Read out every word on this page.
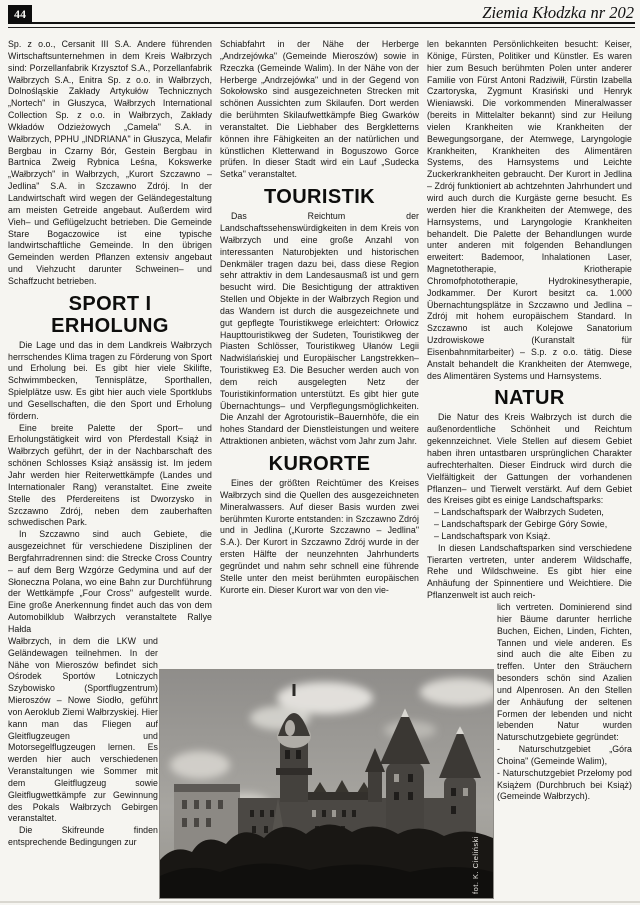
44	Ziemia Kłodzka nr 202

Sp. z o.o., Cersanit III S.A. Andere führenden Wirtschaftsunternehmen in dem Kreis Wałbrzych sind: Porzellanfabrik Krzysztof S.A., Porzellanfabrik Wałbrzych S.A., Enitra Sp. z o.o. in Wałbrzych, Dolnośląskie Zakłady Artykułów Technicznych „Nortech" in Głuszyca, Wałbrzych International Collection Sp. z o.o. in Wałbrzych, Zakłady Wkładów Odzieżowych „Camela" S.A. in Wałbrzych, PPHU „INDRIANA" in Głuszyca, Melafir Bergbau in Czarny Bór, Gestein Bergbau in Bartnica Zweig Rybnica Leśna, Kokswerke „Wałbrzych" in Wałbrzych, „Kurort Szczawno – Jedlina" S.A. in Szczawno Zdrój. In der Landwirtschaft wird wegen der Geländegestaltung am meisten Getreide angebaut. Außerdem wird Vieh– und Geflügelzucht betrieben. Die Gemeinde Stare Bogaczowice ist eine typische landwirtschaftliche Gemeinde. In den übrigen Gemeinden werden Pflanzen extensiv angebaut und Viehzucht darunter Schweinen– und Schaffzucht betrieben.

SPORT I ERHOLUNG

Die Lage und das in dem Landkreis Wałbrzych herrschendes Klima tragen zu Förderung von Sport und Erholung bei. Es gibt hier viele Skilifte, Schwimmbecken, Tennisplätze, Sporthallen, Spielplätze usw. Es gibt hier auch viele Sportklubs und Gesellschaften, die den Sport und Erholung fördern.

Eine breite Palette der Sport– und Erholungstätigkeit wird von Pferdestall Książ in Wałbrzych geführt, der in der Nachbarschaft des schönen Schlosses Książ ansässig ist. Im jedem Jahr werden hier Reiterwettkämpfe (Landes und Internationaler Rang) veranstaltet. Eine zweite Stelle des Pferdereitens ist Dworzysko in Szczawno Zdrój, neben dem zauberhaften schwedischen Park.

In Szczawno sind auch Gebiete, die ausgezeichnet für verschiedene Disziplinen der Bergfahrradrennen sind: die Strecke Cross Country – auf dem Berg Wzgórze Gedymina und auf der Słoneczna Polana, wo eine Bahn zur Durchführung der Wettkämpfe „Four Cross" aufgestellt wurde. Eine große Anerkennung findet auch das von dem Automobilklub Wałbrzych veranstaltete Rallye Hałda

Wałbrzych, in dem die LKW und Geländewagen teilnehmen. In der Nähe von Mieroszów befindet sich Ośrodek Sportów Lotniczych Szybowisko (Sportflugzentrum) Mieroszów – Nowe Siodło, geführt von Aeroklub Ziemi Wałbrzyskiej. Hier kann man das Fliegen auf Gleitflugzeugen und Motorsegelflugzeugen lernen. Es werden hier auch verschiedenen Veranstaltungen wie Sommer mit dem Gleitflugzeug sowie Gleitflugwettkämpfe zur Gewinnung des Pokals Wałbrzych Gebirgen veranstaltet.

Die Skifreunde finden entsprechende Bedingungen zur

Schiabfahrt in der Nähe der Herberge „Andrzejówka" (Gemeinde Mieroszów) sowie in Rzeczka (Gemeinde Walim). In der Nähe von der Herberge „Andrzejówka" und in der Gegend von Sokołowsko sind ausgezeichneten Strecken mit schönen Aussichten zum Skilaufen. Dort werden die berühmten Skilaufwettkämpfe Bieg Gwarków veranstaltet. Die Liebhaber des Bergkletterns können ihre Fähigkeiten an der natürlichen und künstlichen Kletterwand in Boguszowo Gorce prüfen. In dieser Stadt wird ein Lauf „Sudecka Setka" veranstaltet.

TOURISTIK

Das Reichtum der Landschaftssehenswürdigkeiten in dem Kreis von Wałbrzych und eine große Anzahl von interessanten Naturobjekten und historischen Denkmäler tragen dazu bei, dass diese Region sehr attraktiv in dem Landesausmaß ist und gern besucht wird. Die Besichtigung der attraktiven Stellen und Objekte in der Wałbrzych Region und das Wandern ist durch die ausgezeichnete und gut gepflegte Touristikwege erleichtert: Orłowicz Haupttouristikweg der Sudeten, Touristikweg der Piasten Schlösser, Touristikweg Ułanów Legii Nadwiślańskiej und Europäischer Langstrekken– Touristikweg E3. Die Besucher werden auch von dem reich ausgelegten Netz der Touristikinformation unterstützt. Es gibt hier gute Übernachtungs– und Verpflegungsmöglichkeiten. Die Anzahl der Agrotouristik–Bauernhöfe, die ein hohes Standard der Dienstleistungen und weitere Attraktionen anbieten, wächst vom Jahr zum Jahr.

KURORTE

Eines der größten Reichtümer des Kreises Wałbrzych sind die Quellen des ausgezeichneten Mineralwassers. Auf dieser Basis wurden zwei berühmten Kurorte entstanden: in Szczawno Zdrój und in Jedlina („Kurorte Szczawno – Jedlina" S.A.). Der Kurort in Szczawno Zdrój wurde in der ersten Hälfte der neunzehnten Jahrhunderts gegründet und nahm sehr schnell eine führende Stelle unter den meist berühmten europäischen Kurorte ein. Dieser Kurort war von den vie-

len bekannten Persönlichkeiten besucht: Keiser, Könige, Fürsten, Politiker und Künstler. Es waren hier zum Besuch berühmten Polen unter anderer Familie von Fürst Antoni Radziwiłł, Fürstin Izabella Czartoryska, Zygmunt Krasiński und Henryk Wieniawski. Die vorkommenden Mineralwasser (bereits in Mittelalter bekannt) sind zur Heilung vielen Krankheiten wie Krankheiten der Bewegungsorgane, der Atemwege, Laryngologie Krankheiten, Krankheiten des Alimentären Systems, des Harnsystems und Leichte Zuckerkrankheiten gebraucht. Der Kurort in Jedlina – Zdrój funktioniert ab achtzehnten Jahrhundert und wird auch durch die Kurgäste gerne besucht. Es werden hier die Krankheiten der Atemwege, des Harnsystems, und Laryngologie Krankheiten behandelt. Die Palette der Behandlungen wurde unter anderen mit folgenden Behandlungen erweitert: Bademoor, Inhalationen Laser, Magnetotherapie, Kriotherapie Chromofphototherapie, Hydrokinesytherapie, Jodkammer. Der Kurort besitzt ca. 1.000 Übernachtungsplätze in Szczawno und Jedlina – Zdrój mit hohem europäischem Standard. In Szczawno ist auch Kolejowe Sanatorium Uzdrowiskowe (Kuranstalt für Eisenbahnmitarbeiter) – S.p. z o.o. tätig. Diese Anstalt behandelt die Krankheiten der Atemwege, des Alimentären Systems und Harnsystems.

NATUR

Die Natur des Kreis Wałbrzych ist durch die außenordentliche Schönheit und Reichtum gekennzeichnet. Viele Stellen auf diesem Gebiet haben ihren untastbaren ursprünglichen Charakter aufrechterhalten. Dieser Eindruck wird durch die Vielfältigkeit der Gattungen der vorhandenen Pflanzen– und Tierwelt verstärkt. Auf dem Gebiet des Kreises gibt es einige Landschaftsparks:

– Landschaftspark der Wałbrzych Sudeten,

– Landschaftspark der Gebirge Góry Sowie,

– Landschaftspark von Książ.

In diesen Landschaftsparken sind verschiedene Tierarten vertreten, unter anderem Wildschaffe, Rehe und Wildschweine. Es gibt hier eine Anhäufung der Spinnentiere und Weichtiere. Die Pflanzenwelt ist auch reich-

lich vertreten. Dominierend sind hier Bäume darunter herrliche Buchen, Eichen, Linden, Fichten, Tannen und viele anderen. Es sind auch die alte Eiben zu treffen. Unter den Sträuchern besonders schön sind Azalien und Alpenrosen. An den Stellen der Anhäufung der seltenen Formen der lebenden und nicht lebenden Natur wurden Naturschutzgebiete gegründet:

- Naturschutzgebiet „Góra Choina" (Gemeinde Walim),

- Naturschutzgebiet Przełomy pod Książem (Durchbruch bei Książ) (Gemeinde Wałbrzych).

fot. K. Cieliński
